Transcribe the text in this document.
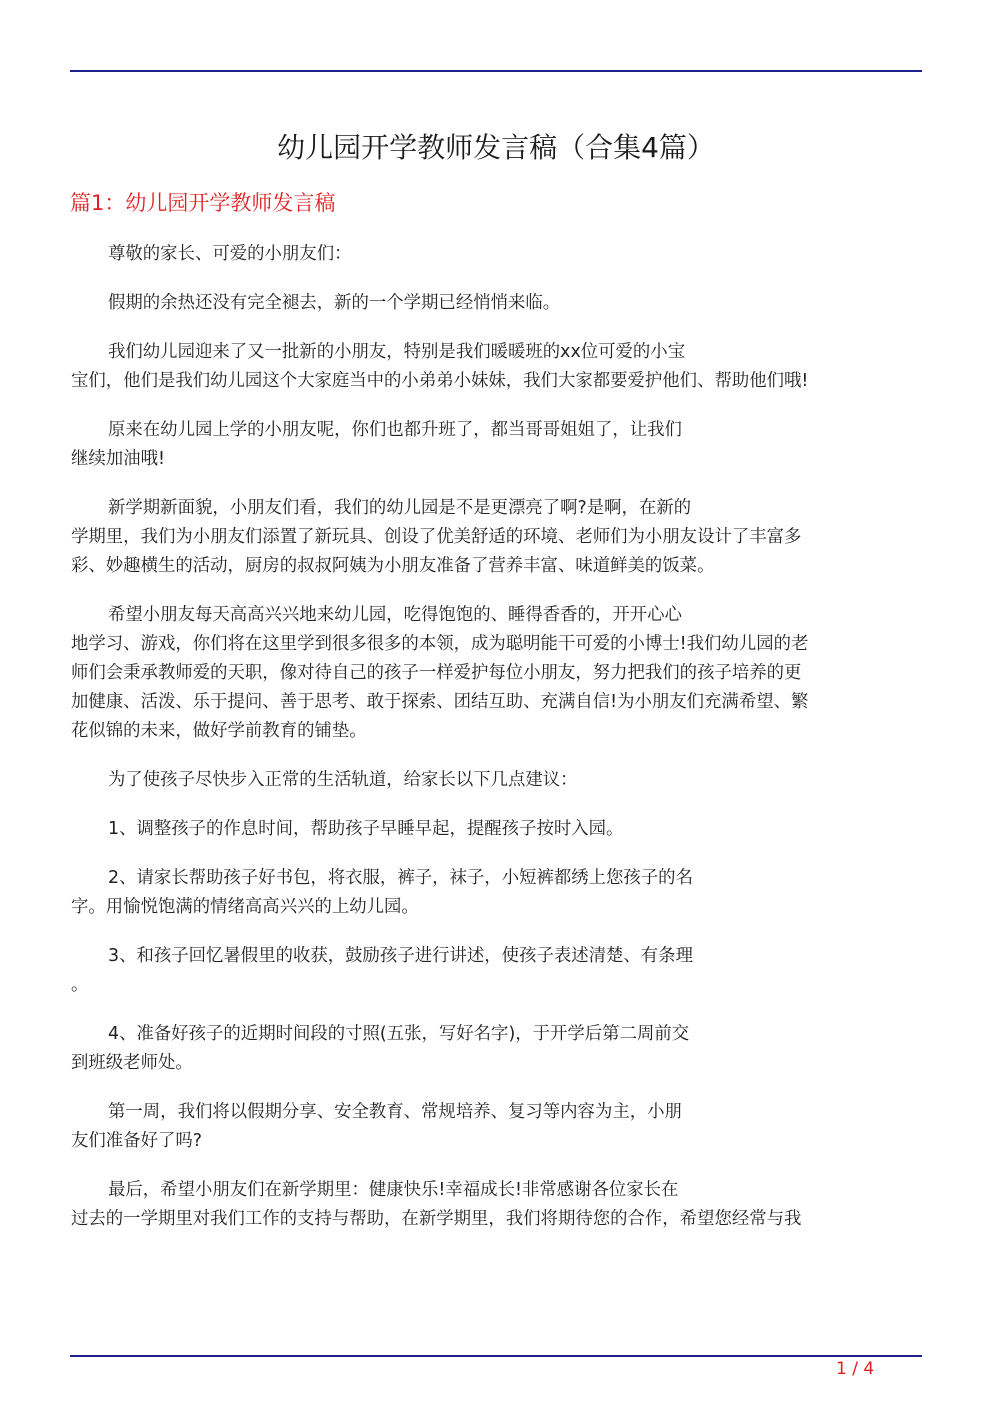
幼儿园开学教师发言稿（合集4篇）
篇1：幼儿园开学教师发言稿

尊敬的家长、可爱的小朋友们：

假期的余热还没有完全褪去，新的一个学期已经悄悄来临。

我们幼儿园迎来了又一批新的小朋友，特别是我们暖暖班的xx位可爱的小宝
宝们，他们是我们幼儿园这个大家庭当中的小弟弟小妹妹，我们大家都要爱护他们、帮助他们哦!

原来在幼儿园上学的小朋友呢，你们也都升班了，都当哥哥姐姐了，让我们
继续加油哦!

新学期新面貌，小朋友们看，我们的幼儿园是不是更漂亮了啊?是啊，在新的
学期里，我们为小朋友们添置了新玩具、创设了优美舒适的环境、老师们为小朋友设计了丰富多
彩、妙趣横生的活动，厨房的叔叔阿姨为小朋友准备了营养丰富、味道鲜美的饭菜。

希望小朋友每天高高兴兴地来幼儿园，吃得饱饱的、睡得香香的，开开心心
地学习、游戏，你们将在这里学到很多很多的本领，成为聪明能干可爱的小博士!我们幼儿园的老
师们会秉承教师爱的天职，像对待自己的孩子一样爱护每位小朋友，努力把我们的孩子培养的更
加健康、活泼、乐于提问、善于思考、敢于探索、团结互助、充满自信!为小朋友们充满希望、繁
花似锦的未来，做好学前教育的铺垫。

为了使孩子尽快步入正常的生活轨道，给家长以下几点建议：

1、调整孩子的作息时间，帮助孩子早睡早起，提醒孩子按时入园。

2、请家长帮助孩子好书包，将衣服，裤子，袜子，小短裤都绣上您孩子的名
字。用愉悦饱满的情绪高高兴兴的上幼儿园。

3、和孩子回忆暑假里的收获，鼓励孩子进行讲述，使孩子表述清楚、有条理
。

4、准备好孩子的近期时间段的寸照(五张，写好名字)，于开学后第二周前交
到班级老师处。

第一周，我们将以假期分享、安全教育、常规培养、复习等内容为主，小朋
友们准备好了吗?

最后，希望小朋友们在新学期里：健康快乐!幸福成长!非常感谢各位家长在
过去的一学期里对我们工作的支持与帮助，在新学期里，我们将期待您的合作，希望您经常与我

1 / 4
